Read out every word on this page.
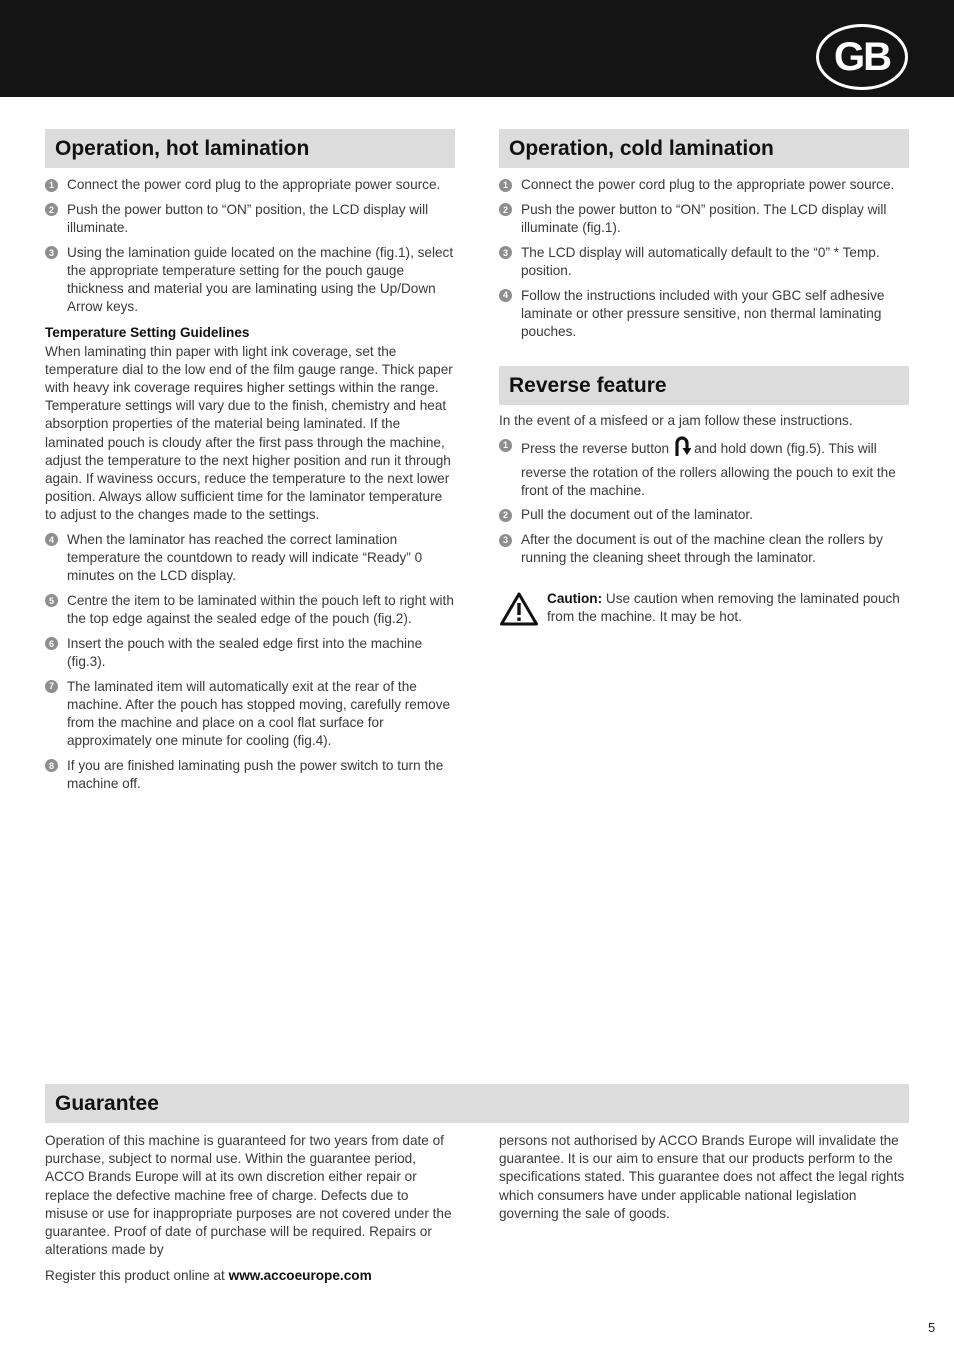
GB
Operation, hot lamination
1 Connect the power cord plug to the appropriate power source.
2 Push the power button to “ON” position, the LCD display will illuminate.
3 Using the lamination guide located on the machine (fig.1), select the appropriate temperature setting for the pouch gauge thickness and material you are laminating using the Up/Down Arrow keys.
Temperature Setting Guidelines
When laminating thin paper with light ink coverage, set the temperature dial to the low end of the film gauge range. Thick paper with heavy ink coverage requires higher settings within the range. Temperature settings will vary due to the finish, chemistry and heat absorption properties of the material being laminated. If the laminated pouch is cloudy after the first pass through the machine, adjust the temperature to the next higher position and run it through again. If waviness occurs, reduce the temperature to the next lower position. Always allow sufficient time for the laminator temperature to adjust to the changes made to the settings.
4 When the laminator has reached the correct lamination temperature the countdown to ready will indicate “Ready” 0 minutes on the LCD display.
5 Centre the item to be laminated within the pouch left to right with the top edge against the sealed edge of the pouch (fig.2).
6 Insert the pouch with the sealed edge first into the machine (fig.3).
7 The laminated item will automatically exit at the rear of the machine. After the pouch has stopped moving, carefully remove from the machine and place on a cool flat surface for approximately one minute for cooling (fig.4).
8 If you are finished laminating push the power switch to turn the machine off.
Operation, cold lamination
1 Connect the power cord plug to the appropriate power source.
2 Push the power button to “ON” position. The LCD display will illuminate (fig.1).
3 The LCD display will automatically default to the “0” * Temp. position.
4 Follow the instructions included with your GBC self adhesive laminate or other pressure sensitive, non thermal laminating pouches.
Reverse feature
In the event of a misfeed or a jam follow these instructions.
1 Press the reverse button and hold down (fig.5). This will reverse the rotation of the rollers allowing the pouch to exit the front of the machine.
2 Pull the document out of the laminator.
3 After the document is out of the machine clean the rollers by running the cleaning sheet through the laminator.
Caution: Use caution when removing the laminated pouch from the machine. It may be hot.
Guarantee
Operation of this machine is guaranteed for two years from date of purchase, subject to normal use. Within the guarantee period, ACCO Brands Europe will at its own discretion either repair or replace the defective machine free of charge. Defects due to misuse or use for inappropriate purposes are not covered under the guarantee. Proof of date of purchase will be required. Repairs or alterations made by
persons not authorised by ACCO Brands Europe will invalidate the guarantee. It is our aim to ensure that our products perform to the specifications stated. This guarantee does not affect the legal rights which consumers have under applicable national legislation governing the sale of goods.
Register this product online at www.accoeurope.com
5
